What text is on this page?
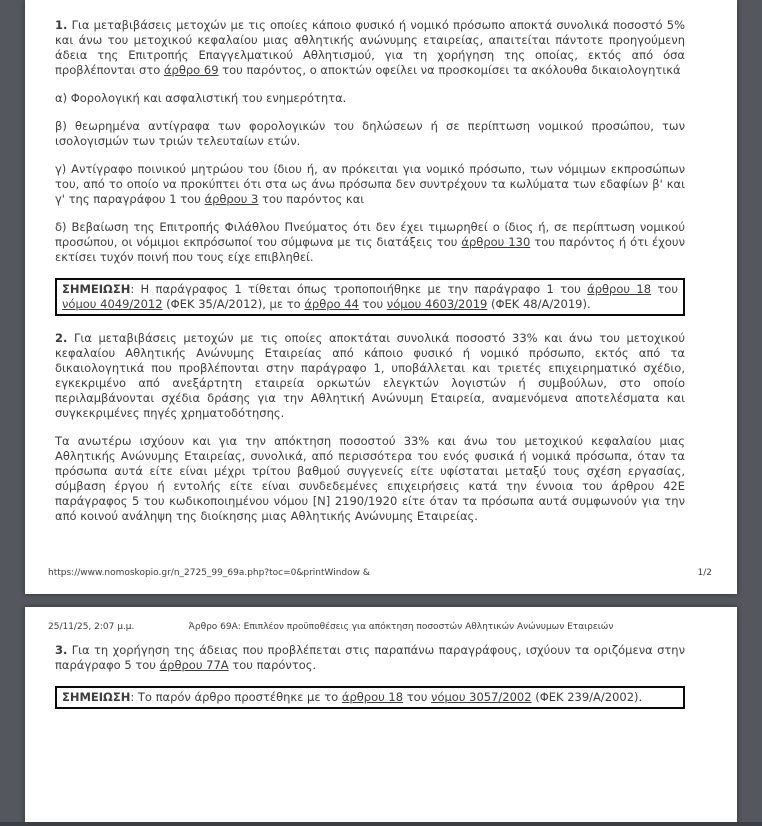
1. Για μεταβιβάσεις μετοχών με τις οποίες κάποιο φυσικό ή νομικό πρόσωπο αποκτά συνολικά ποσοστό 5% και άνω του μετοχικού κεφαλαίου μιας αθλητικής ανώνυμης εταιρείας, απαιτείται πάντοτε προηγούμενη άδεια της Επιτροπής Επαγγελματικού Αθλητισμού, για τη χορήγηση της οποίας, εκτός από όσα προβλέπονται στο άρθρο 69 του παρόντος, ο αποκτών οφείλει να προσκομίσει τα ακόλουθα δικαιολογητικά

α) Φορολογική και ασφαλιστική του ενημερότητα.

β) θεωρημένα αντίγραφα των φορολογικών του δηλώσεων ή σε περίπτωση νομικού προσώπου, των ισολογισμών των τριών τελευταίων ετών.

γ) Αντίγραφο ποινικού μητρώου του ίδιου ή, αν πρόκειται για νομικό πρόσωπο, των νόμιμων εκπροσώπων του, από το οποίο να προκύπτει ότι στα ως άνω πρόσωπα δεν συντρέχουν τα κωλύματα των εδαφίων β' και γ' της παραγράφου 1 του άρθρου 3 του παρόντος και

δ) Βεβαίωση της Επιτροπής Φιλάθλου Πνεύματος ότι δεν έχει τιμωρηθεί ο ίδιος ή, σε περίπτωση νομικού προσώπου, οι νόμιμοι εκπρόσωποί του σύμφωνα με τις διατάξεις του άρθρου 130 του παρόντος ή ότι έχουν εκτίσει τυχόν ποινή που τους είχε επιβληθεί.

ΣΗΜΕΙΩΣΗ: Η παράγραφος 1 τίθεται όπως τροποποιήθηκε με την παράγραφο 1 του άρθρου 18 του νόμου 4049/2012 (ΦΕΚ 35/Α/2012), με το άρθρο 44 του νόμου 4603/2019 (ΦΕΚ 48/Α/2019).

2. Για μεταβιβάσεις μετοχών με τις οποίες αποκτάται συνολικά ποσοστό 33% και άνω του μετοχικού κεφαλαίου Αθλητικής Ανώνυμης Εταιρείας από κάποιο φυσικό ή νομικό πρόσωπο, εκτός από τα δικαιολογητικά που προβλέπονται στην παράγραφο 1, υποβάλλεται και τριετές επιχειρηματικό σχέδιο, εγκεκριμένο από ανεξάρτητη εταιρεία ορκωτών ελεγκτών λογιστών ή συμβούλων, στο οποίο περιλαμβάνονται σχέδια δράσης για την Αθλητική Ανώνυμη Εταιρεία, αναμενόμενα αποτελέσματα και συγκεκριμένες πηγές χρηματοδότησης.

Τα ανωτέρω ισχύουν και για την απόκτηση ποσοστού 33% και άνω του μετοχικού κεφαλαίου μιας Αθλητικής Ανώνυμης Εταιρείας, συνολικά, από περισσότερα του ενός φυσικά ή νομικά πρόσωπα, όταν τα πρόσωπα αυτά είτε είναι μέχρι τρίτου βαθμού συγγενείς είτε υφίσταται μεταξύ τους σχέση εργασίας, σύμβαση έργου ή εντολής είτε είναι συνδεδεμένες επιχειρήσεις κατά την έννοια του άρθρου 42Ε παράγραφος 5 του κωδικοποιημένου νόμου [Ν] 2190/1920 είτε όταν τα πρόσωπα αυτά συμφωνούν για την από κοινού ανάληψη της διοίκησης μιας Αθλητικής Ανώνυμης Εταιρείας.

https://www.nomoskopio.gr/n_2725_99_69a.php?toc=0&printWindow &	1/2
25/11/25, 2:07 μ.μ.	Άρθρο 69Α: Επιπλέον προϋποθέσεις για απόκτηση ποσοστών Αθλητικών Ανώνυμων Εταιρειών

3. Για τη χορήγηση της άδειας που προβλέπεται στις παραπάνω παραγράφους, ισχύουν τα οριζόμενα στην παράγραφο 5 του άρθρου 77Α του παρόντος.

ΣΗΜΕΙΩΣΗ: Το παρόν άρθρο προστέθηκε με το άρθρου 18 του νόμου 3057/2002 (ΦΕΚ 239/Α/2002).
